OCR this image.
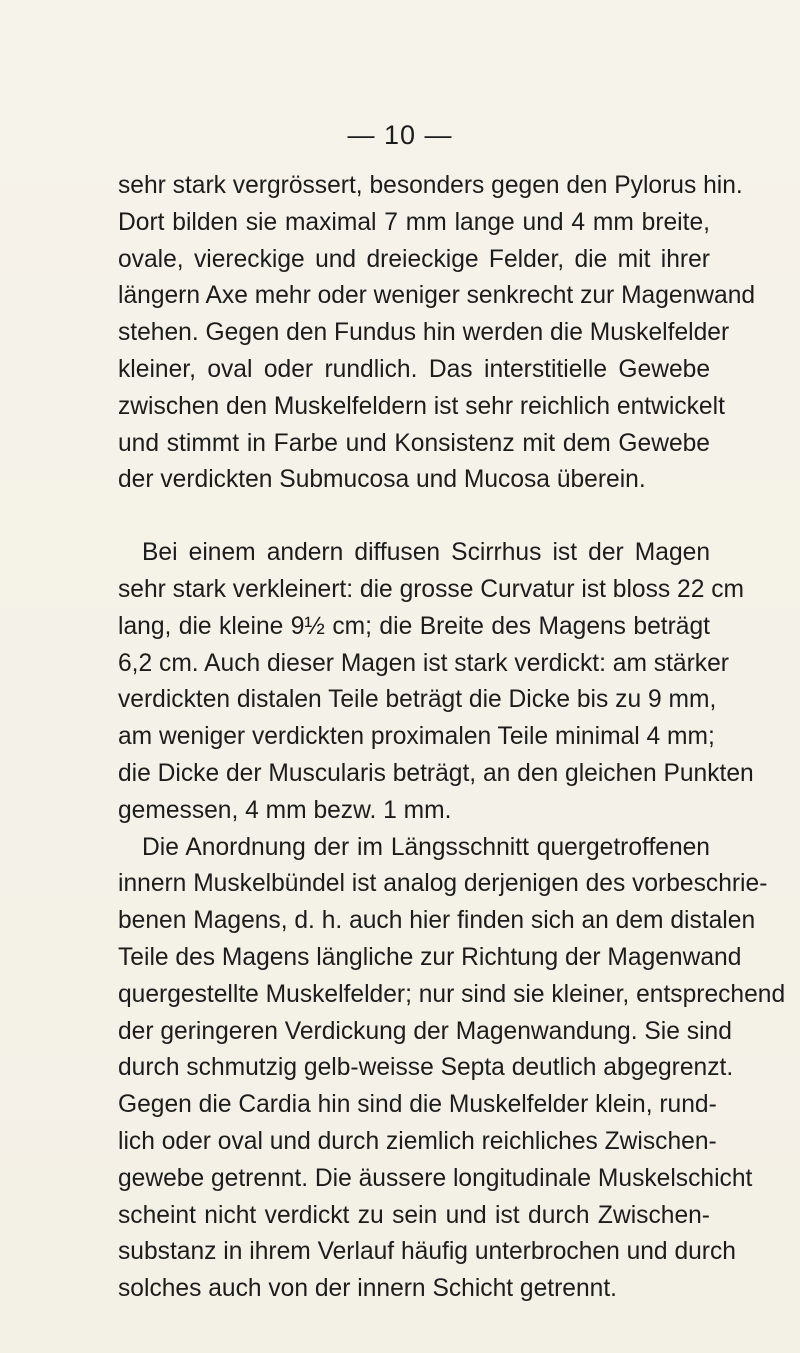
— 10 —
sehr stark vergrössert, besonders gegen den Pylorus hin.
Dort bilden sie maximal 7 mm lange und 4 mm breite,
ovale, viereckige und dreieckige Felder, die mit ihrer
längern Axe mehr oder weniger senkrecht zur Magenwand
stehen. Gegen den Fundus hin werden die Muskelfelder
kleiner, oval oder rundlich. Das interstitielle Gewebe
zwischen den Muskelfeldern ist sehr reichlich entwickelt
und stimmt in Farbe und Konsistenz mit dem Gewebe
der verdickten Submucosa und Mucosa überein.
Bei einem andern diffusen Scirrhus ist der Magen
sehr stark verkleinert: die grosse Curvatur ist bloss 22 cm
lang, die kleine 9½ cm; die Breite des Magens beträgt
6,2 cm. Auch dieser Magen ist stark verdickt: am stärker
verdickten distalen Teile beträgt die Dicke bis zu 9 mm,
am weniger verdickten proximalen Teile minimal 4 mm;
die Dicke der Muscularis beträgt, an den gleichen Punkten
gemessen, 4 mm bezw. 1 mm.
Die Anordnung der im Längsschnitt quergetroffenen
innern Muskelbündel ist analog derjenigen des vorbeschrie-
benen Magens, d. h. auch hier finden sich an dem distalen
Teile des Magens längliche zur Richtung der Magenwand
quergestellte Muskelfelder; nur sind sie kleiner, entsprechend
der geringeren Verdickung der Magenwandung. Sie sind
durch schmutzig gelb-weisse Septa deutlich abgegrenzt.
Gegen die Cardia hin sind die Muskelfelder klein, rund-
lich oder oval und durch ziemlich reichliches Zwischen-
gewebe getrennt. Die äussere longitudinale Muskelschicht
scheint nicht verdickt zu sein und ist durch Zwischen-
substanz in ihrem Verlauf häufig unterbrochen und durch
solches auch von der innern Schicht getrennt.
